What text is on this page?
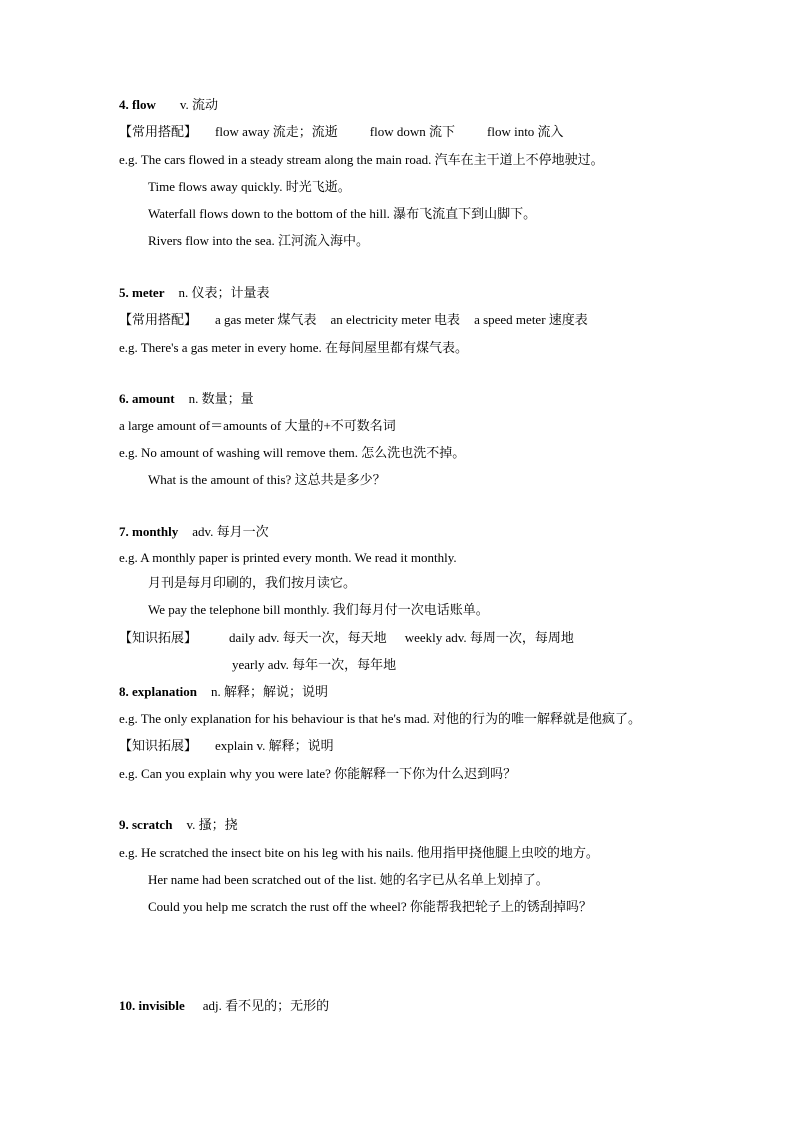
4. flow v. 流动
【常用搭配】 flow away 流走；流逝 flow down 流下 flow into 流入
e.g. The cars flowed in a steady stream along the main road. 汽车在主干道上不停地驶过。
Time flows away quickly. 时光飞逝。
Waterfall flows down to the bottom of the hill. 瀑布飞流直下到山脚下。
Rivers flow into the sea. 江河流入海中。
5. meter n. 仪表；计量表
【常用搭配】 a gas meter 煤气表 an electricity meter 电表 a speed meter 速度表
e.g. There's a gas meter in every home. 在每间屋里都有煤气表。
6. amount n. 数量；量
a large amount of＝amounts of 大量的+不可数名词
e.g. No amount of washing will remove them. 怎么洗也洗不掉。
What is the amount of this? 这总共是多少？
7. monthly adv. 每月一次
e.g. A monthly paper is printed every month. We read it monthly.
月刊是每月印刷的，我们按月读它。
We pay the telephone bill monthly. 我们每月付一次电话账单。
【知识拓展】 daily adv. 每天一次，每天地 weekly adv. 每周一次，每周地
yearly adv. 每年一次，每年地
8. explanation n. 解释；解说；说明
e.g. The only explanation for his behaviour is that he's mad. 对他的行为的唯一解释就是他疯了。
【知识拓展】 explain v. 解释；说明
e.g. Can you explain why you were late? 你能解释一下你为什么迟到吗？
9. scratch v. 搔；挠
e.g. He scratched the insect bite on his leg with his nails. 他用指甲挠他腿上虫咬的地方。
Her name had been scratched out of the list. 她的名字已从名单上划掉了。
Could you help me scratch the rust off the wheel? 你能帮我把轮子上的锈刮掉吗？
10. invisible adj. 看不见的；无形的
